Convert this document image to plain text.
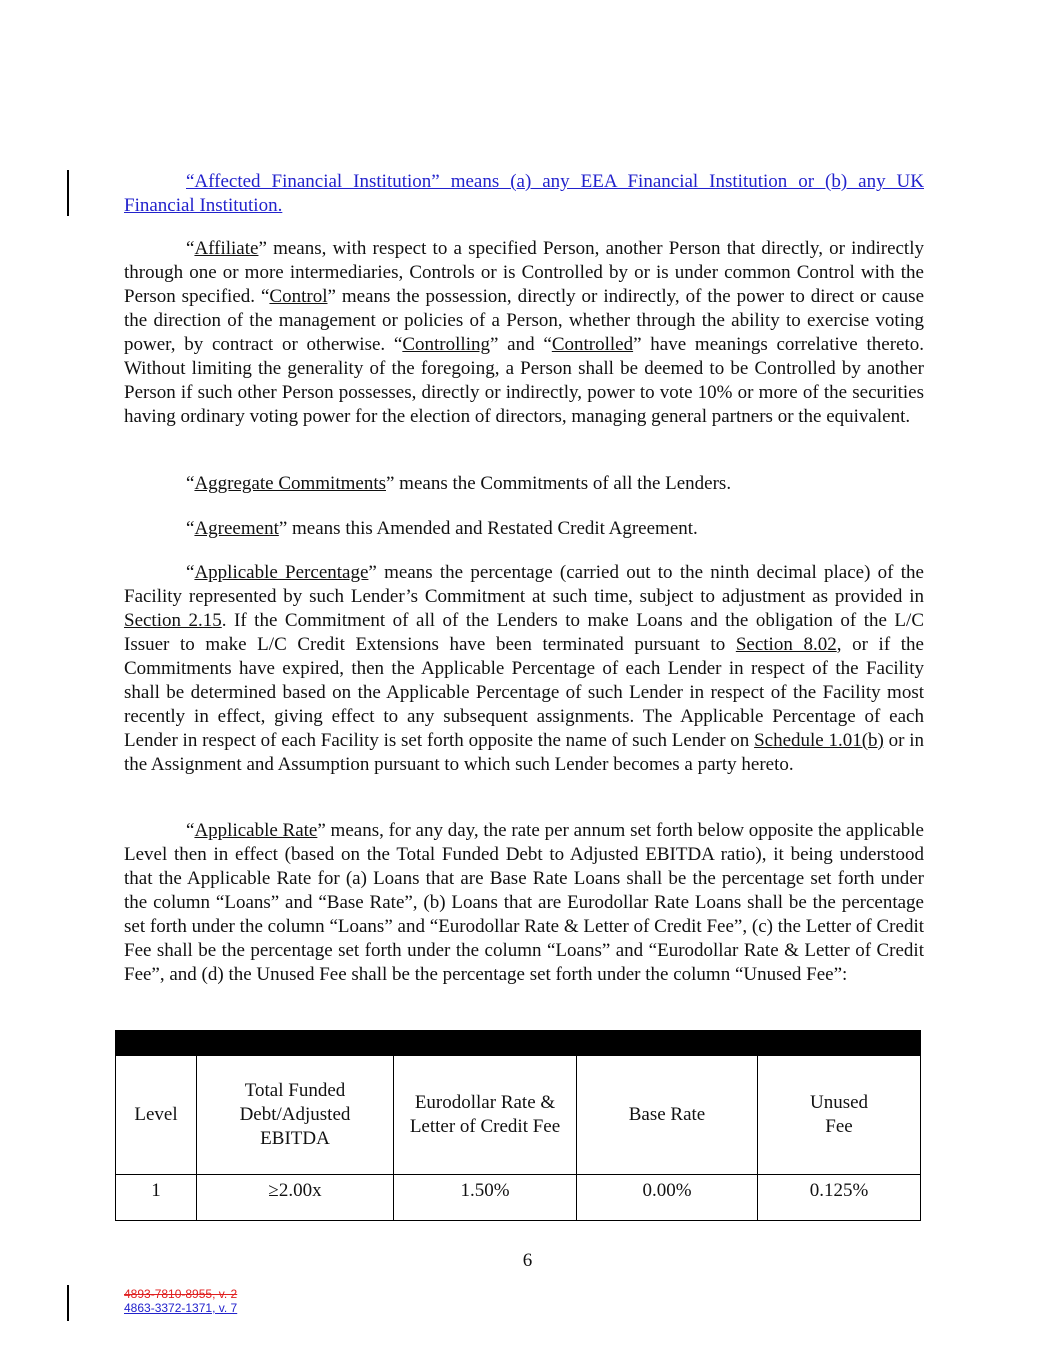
“Affected Financial Institution” means (a) any EEA Financial Institution or (b) any UK Financial Institution.

“Affiliate” means, with respect to a specified Person, another Person that directly, or indirectly through one or more intermediaries, Controls or is Controlled by or is under common Control with the Person specified. “Control” means the possession, directly or indirectly, of the power to direct or cause the direction of the management or policies of a Person, whether through the ability to exercise voting power, by contract or otherwise. “Controlling” and “Controlled” have meanings correlative thereto. Without limiting the generality of the foregoing, a Person shall be deemed to be Controlled by another Person if such other Person possesses, directly or indirectly, power to vote 10% or more of the securities having ordinary voting power for the election of directors, managing general partners or the equivalent.

“Aggregate Commitments” means the Commitments of all the Lenders.

“Agreement” means this Amended and Restated Credit Agreement.

“Applicable Percentage” means the percentage (carried out to the ninth decimal place) of the Facility represented by such Lender’s Commitment at such time, subject to adjustment as provided in Section 2.15. If the Commitment of all of the Lenders to make Loans and the obligation of the L/C Issuer to make L/C Credit Extensions have been terminated pursuant to Section 8.02, or if the Commitments have expired, then the Applicable Percentage of each Lender in respect of the Facility shall be determined based on the Applicable Percentage of such Lender in respect of the Facility most recently in effect, giving effect to any subsequent assignments. The Applicable Percentage of each Lender in respect of each Facility is set forth opposite the name of such Lender on Schedule 1.01(b) or in the Assignment and Assumption pursuant to which such Lender becomes a party hereto.

“Applicable Rate” means, for any day, the rate per annum set forth below opposite the applicable Level then in effect (based on the Total Funded Debt to Adjusted EBITDA ratio), it being understood that the Applicable Rate for (a) Loans that are Base Rate Loans shall be the percentage set forth under the column “Loans” and “Base Rate”, (b) Loans that are Eurodollar Rate Loans shall be the percentage set forth under the column “Loans” and “Eurodollar Rate & Letter of Credit Fee”, (c) the Letter of Credit Fee shall be the percentage set forth under the column “Loans” and “Eurodollar Rate & Letter of Credit Fee”, and (d) the Unused Fee shall be the percentage set forth under the column “Unused Fee”:

Level	Total Funded Debt/Adjusted EBITDA	Eurodollar Rate & Letter of Credit Fee	Base Rate	Unused Fee
1	≥2.00x	1.50%	0.00%	0.125%
6
4893-7810-8955, v. 2
4863-3372-1371, v. 7
